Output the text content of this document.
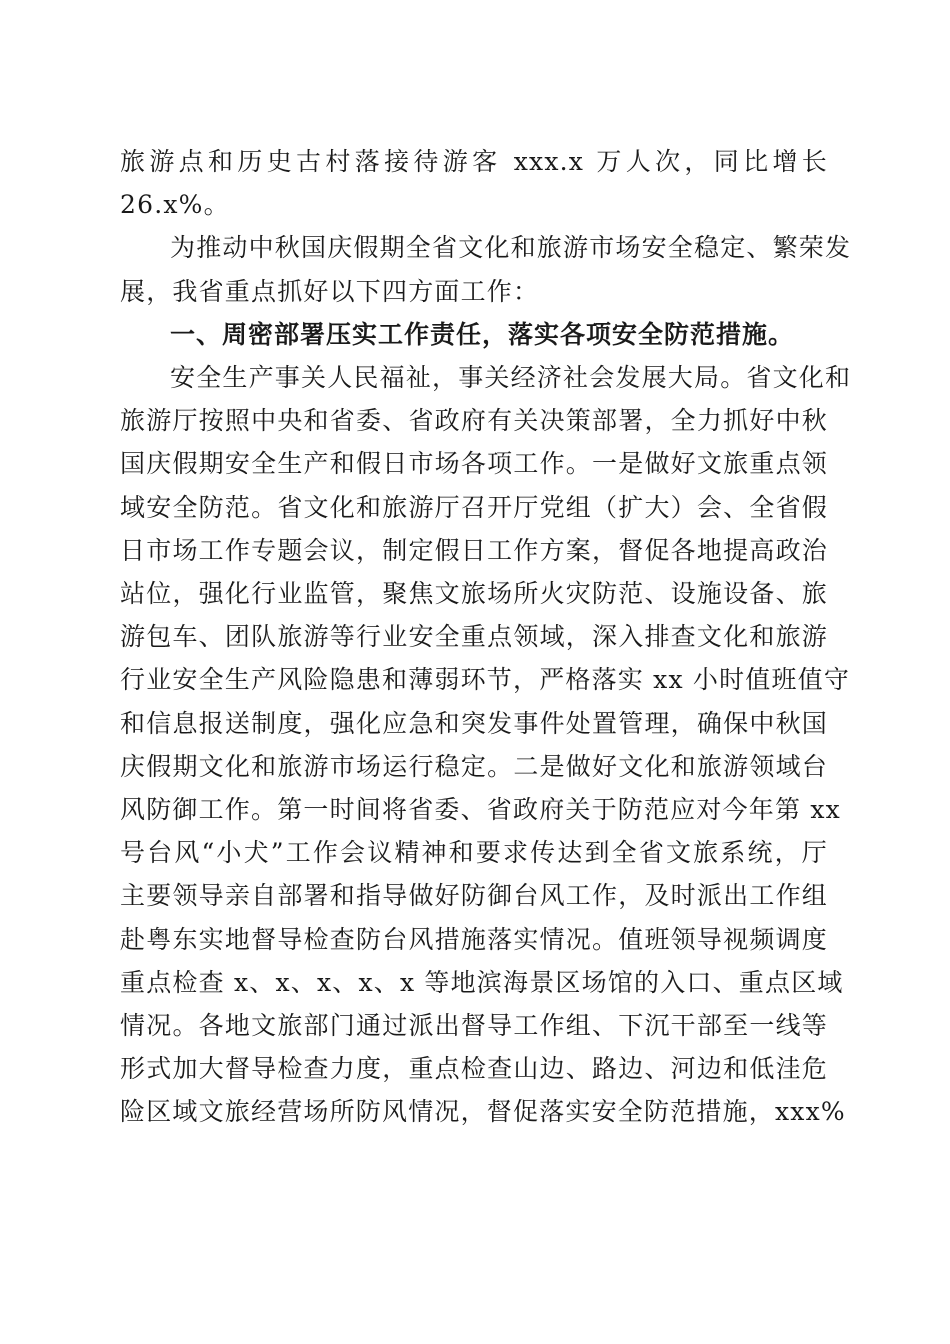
旅游点和历史古村落接待游客 xxx.x 万人次，同比增长
26.x%。

为推动中秋国庆假期全省文化和旅游市场安全稳定、繁荣发
展，我省重点抓好以下四方面工作：

一、周密部署压实工作责任，落实各项安全防范措施。

安全生产事关人民福祉，事关经济社会发展大局。省文化和
旅游厅按照中央和省委、省政府有关决策部署，全力抓好中秋
国庆假期安全生产和假日市场各项工作。一是做好文旅重点领
域安全防范。省文化和旅游厅召开厅党组（扩大）会、全省假
日市场工作专题会议，制定假日工作方案，督促各地提高政治
站位，强化行业监管，聚焦文旅场所火灾防范、设施设备、旅
游包车、团队旅游等行业安全重点领域，深入排查文化和旅游
行业安全生产风险隐患和薄弱环节，严格落实 xx 小时值班值守
和信息报送制度，强化应急和突发事件处置管理，确保中秋国
庆假期文化和旅游市场运行稳定。二是做好文化和旅游领域台
风防御工作。第一时间将省委、省政府关于防范应对今年第 xx
号台风“小犬”工作会议精神和要求传达到全省文旅系统，厅
主要领导亲自部署和指导做好防御台风工作，及时派出工作组
赴粤东实地督导检查防台风措施落实情况。值班领导视频调度
重点检查 x、x、x、x、x 等地滨海景区场馆的入口、重点区域
情况。各地文旅部门通过派出督导工作组、下沉干部至一线等
形式加大督导检查力度，重点检查山边、路边、河边和低洼危
险区域文旅经营场所防风情况，督促落实安全防范措施，xxx%
